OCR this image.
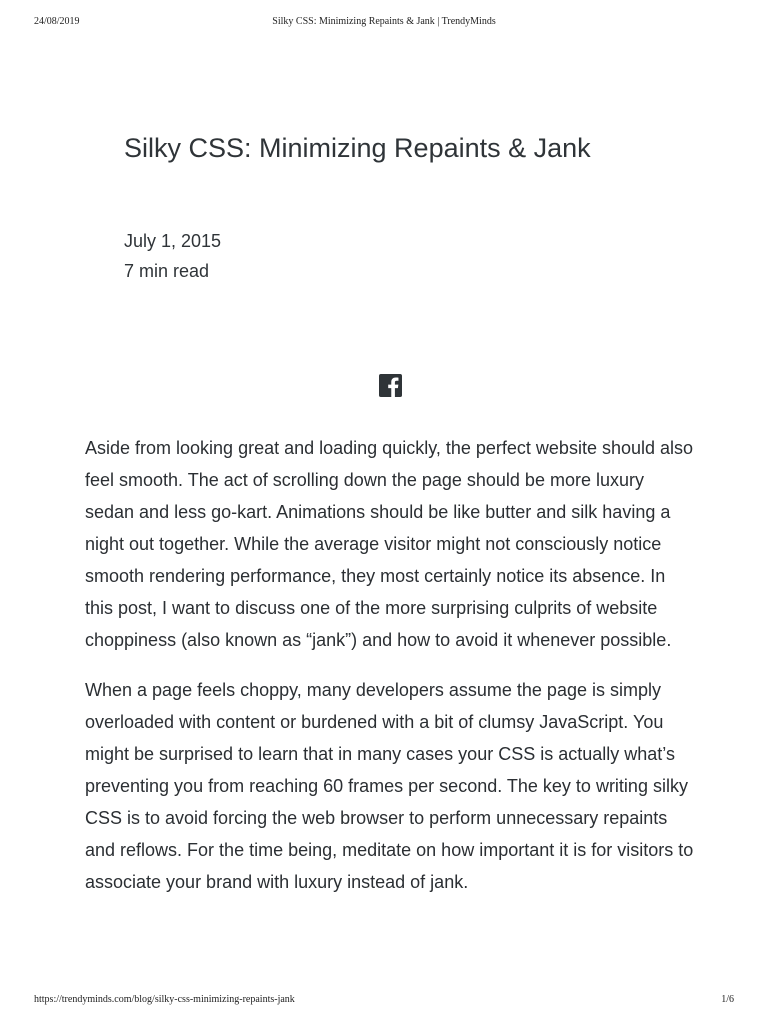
24/08/2019	Silky CSS: Minimizing Repaints & Jank | TrendyMinds
Silky CSS: Minimizing Repaints & Jank
July 1, 2015
7 min read

Aside from looking great and loading quickly, the perfect website should also feel smooth. The act of scrolling down the page should be more luxury sedan and less go-kart. Animations should be like butter and silk having a night out together. While the average visitor might not consciously notice smooth rendering performance, they most certainly notice its absence. In this post, I want to discuss one of the more surprising culprits of website choppiness (also known as “jank”) and how to avoid it whenever possible.

When a page feels choppy, many developers assume the page is simply overloaded with content or burdened with a bit of clumsy JavaScript. You might be surprised to learn that in many cases your CSS is actually what’s preventing you from reaching 60 frames per second. The key to writing silky CSS is to avoid forcing the web browser to perform unnecessary repaints and reflows. For the time being, meditate on how important it is for visitors to associate your brand with luxury instead of jank.

https://trendyminds.com/blog/silky-css-minimizing-repaints-jank	1/6
